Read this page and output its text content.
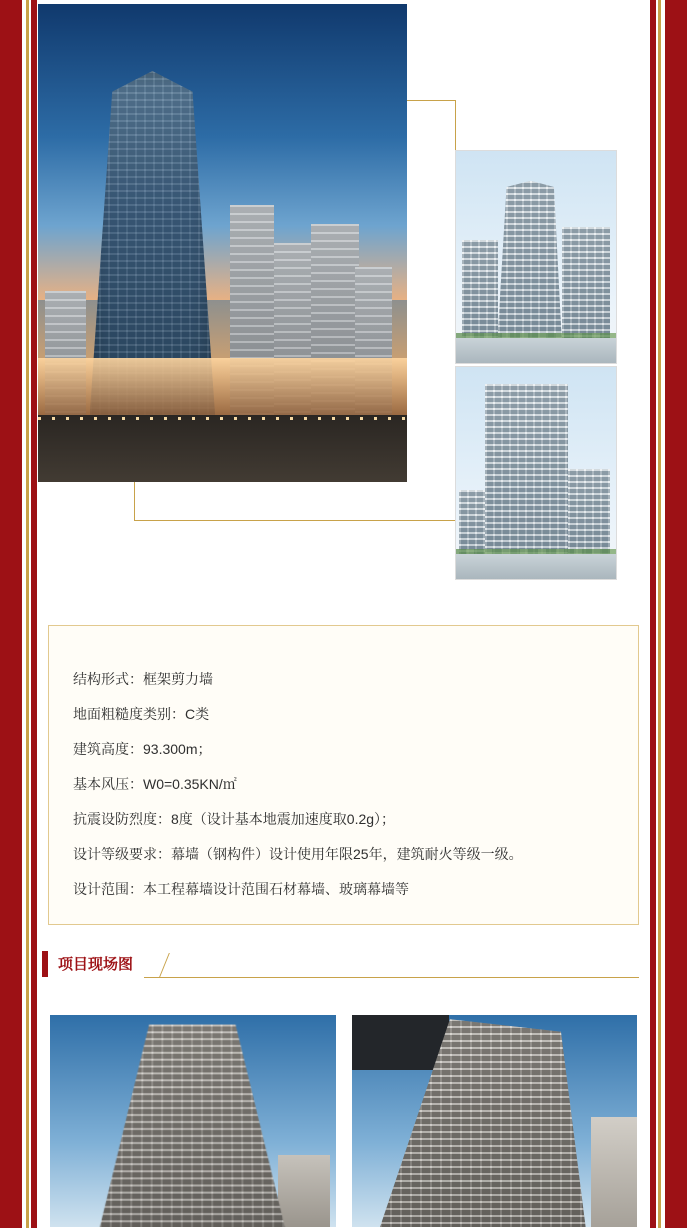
结构形式：框架剪力墙
地面粗糙度类别：C类
建筑高度：93.300m；
基本风压：W0=0.35KN/㎡
抗震设防烈度：8度（设计基本地震加速度取0.2g）；
设计等级要求：幕墙（钢构件）设计使用年限25年，建筑耐火等级一级。
设计范围：本工程幕墙设计范围石材幕墙、玻璃幕墙等
项目现场图
